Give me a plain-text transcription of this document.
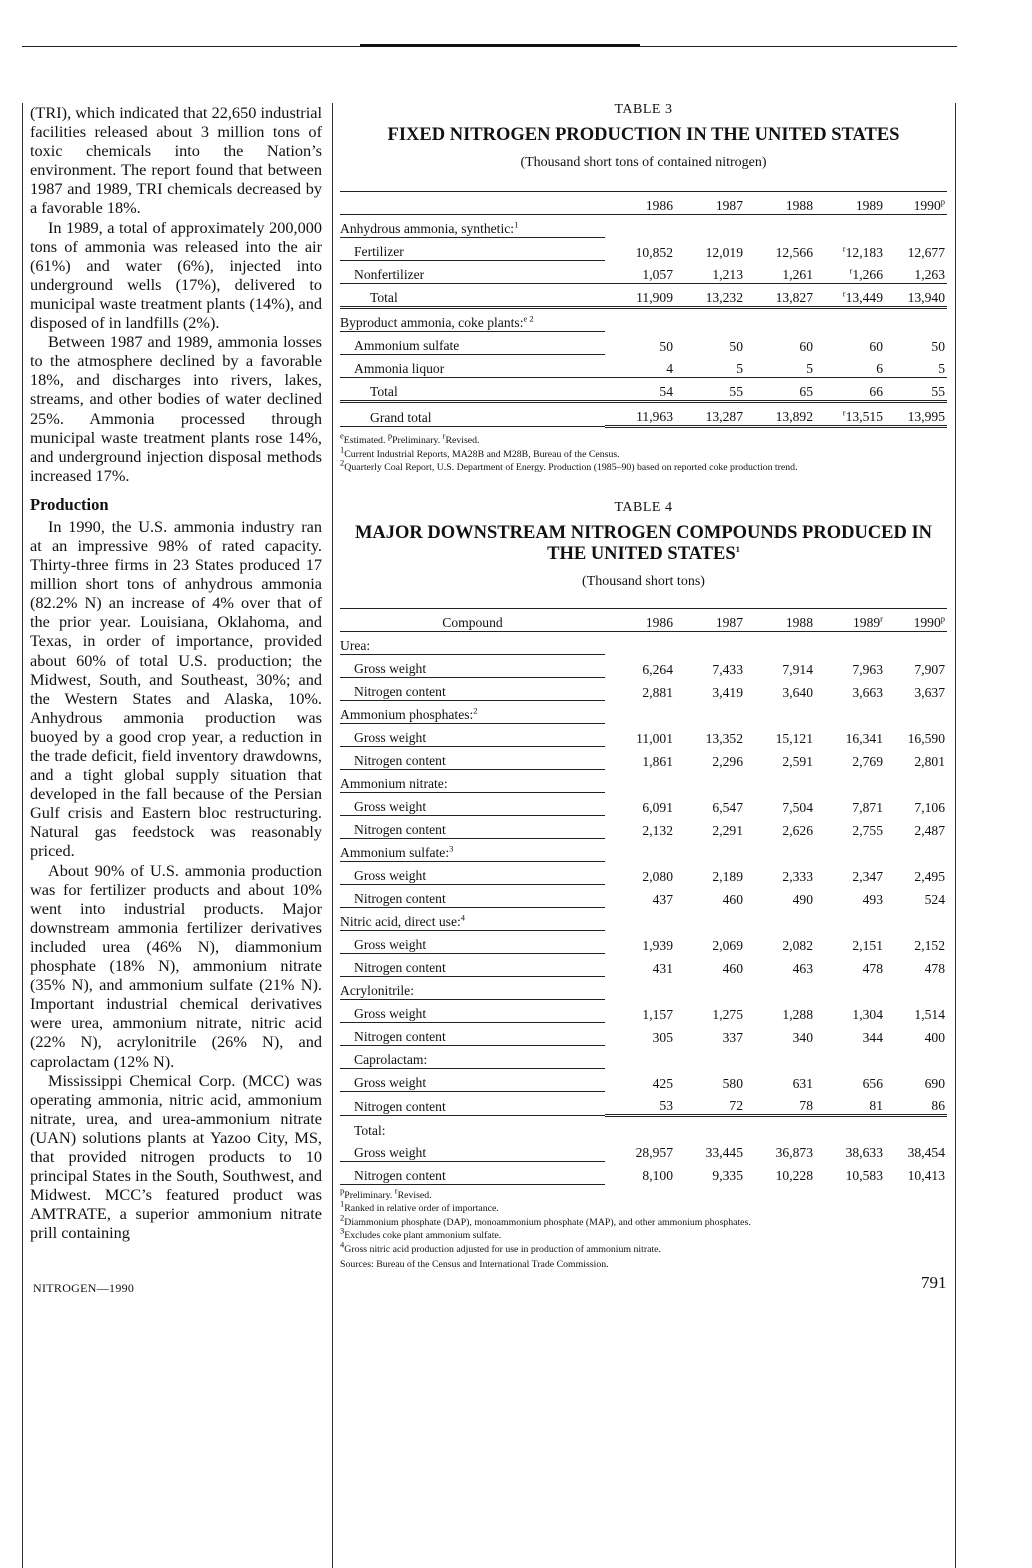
(TRI), which indicated that 22,650 industrial facilities released about 3 million tons of toxic chemicals into the Nation’s environment. The report found that between 1987 and 1989, TRI chemicals decreased by a favorable 18%.

In 1989, a total of approximately 200,000 tons of ammonia was released into the air (61%) and water (6%), injected into underground wells (17%), delivered to municipal waste treatment plants (14%), and disposed of in landfills (2%).

Between 1987 and 1989, ammonia losses to the atmosphere declined by a favorable 18%, and discharges into rivers, lakes, streams, and other bodies of water declined 25%. Ammonia processed through municipal waste treatment plants rose 14%, and underground injection disposal methods increased 17%.

Production

In 1990, the U.S. ammonia industry ran at an impressive 98% of rated capacity. Thirty-three firms in 23 States produced 17 million short tons of anhydrous ammonia (82.2% N) an increase of 4% over that of the prior year. Louisiana, Oklahoma, and Texas, in order of importance, provided about 60% of total U.S. production; the Midwest, South, and Southeast, 30%; and the Western States and Alaska, 10%. Anhydrous ammonia production was buoyed by a good crop year, a reduction in the trade deficit, field inventory drawdowns, and a tight global supply situation that developed in the fall because of the Persian Gulf crisis and Eastern bloc restructuring. Natural gas feedstock was reasonably priced.

About 90% of U.S. ammonia production was for fertilizer products and about 10% went into industrial products. Major downstream ammonia fertilizer derivatives included urea (46% N), diammonium phosphate (18% N), ammonium nitrate (35% N), and ammonium sulfate (21% N). Important industrial chemical derivatives were urea, ammonium nitrate, nitric acid (22% N), acrylonitrile (26% N), and caprolactam (12% N).

Mississippi Chemical Corp. (MCC) was operating ammonia, nitric acid, ammonium nitrate, urea, and urea-ammonium nitrate (UAN) solutions plants at Yazoo City, MS, that provided nitrogen products to 10 principal States in the South, Southwest, and Midwest. MCC’s featured product was AMTRATE, a superior ammonium nitrate prill containing

NITROGEN—1990	791
TABLE 3
FIXED NITROGEN PRODUCTION IN THE UNITED STATES
(Thousand short tons of contained nitrogen)
	1986	1987	1988	1989	1990$^p$
Anhydrous ammonia, synthetic:$^1$	
Fertilizer	10,852	12,019	12,566	$^r$12,183	12,677
Nonfertilizer	1,057	1,213	1,261	$^r$1,266	1,263
Total	11,909	13,232	13,827	$^r$13,449	13,940
Byproduct ammonia, coke plants:$^{e 2}$	
Ammonium sulfate	50	50	60	60	50
Ammonia liquor	4	5	5	6	5
Total	54	55	65	66	55
Grand total	11,963	13,287	13,892	$^r$13,515	13,995
$^e$Estimated. $^p$Preliminary. $^r$Revised.
$^1$Current Industrial Reports, MA28B and M28B, Bureau of the Census.
$^2$Quarterly Coal Report, U.S. Department of Energy. Production (1985–90) based on reported coke production trend.
TABLE 4
MAJOR DOWNSTREAM NITROGEN COMPOUNDS PRODUCED IN THE UNITED STATES$^1$
(Thousand short tons)
Compound	1986	1987	1988	1989$^r$	1990$^p$
Urea:					
Gross weight	6,264	7,433	7,914	7,963	7,907
Nitrogen content	2,881	3,419	3,640	3,663	3,637
Ammonium phosphates:$^2$	
Gross weight	11,001	13,352	15,121	16,341	16,590
Nitrogen content	1,861	2,296	2,591	2,769	2,801
Ammonium nitrate:					
Gross weight	6,091	6,547	7,504	7,871	7,106
Nitrogen content	2,132	2,291	2,626	2,755	2,487
Ammonium sulfate:$^3$	
Gross weight	2,080	2,189	2,333	2,347	2,495
Nitrogen content	437	460	490	493	524
Nitric acid, direct use:$^4$	
Gross weight	1,939	2,069	2,082	2,151	2,152
Nitrogen content	431	460	463	478	478
Acrylonitrile:					
Gross weight	1,157	1,275	1,288	1,304	1,514
Nitrogen content	305	337	340	344	400
Caprolactam:					
Gross weight	425	580	631	656	690
Nitrogen content	53	72	78	81	86
Total:					
Gross weight	28,957	33,445	36,873	38,633	38,454
Nitrogen content	8,100	9,335	10,228	10,583	10,413
$^p$Preliminary. $^r$Revised.
$^1$Ranked in relative order of importance.
$^2$Diammonium phosphate (DAP), monoammonium phosphate (MAP), and other ammonium phosphates.
$^3$Excludes coke plant ammonium sulfate.
$^4$Gross nitric acid production adjusted for use in production of ammonium nitrate.
Sources: Bureau of the Census and International Trade Commission.
